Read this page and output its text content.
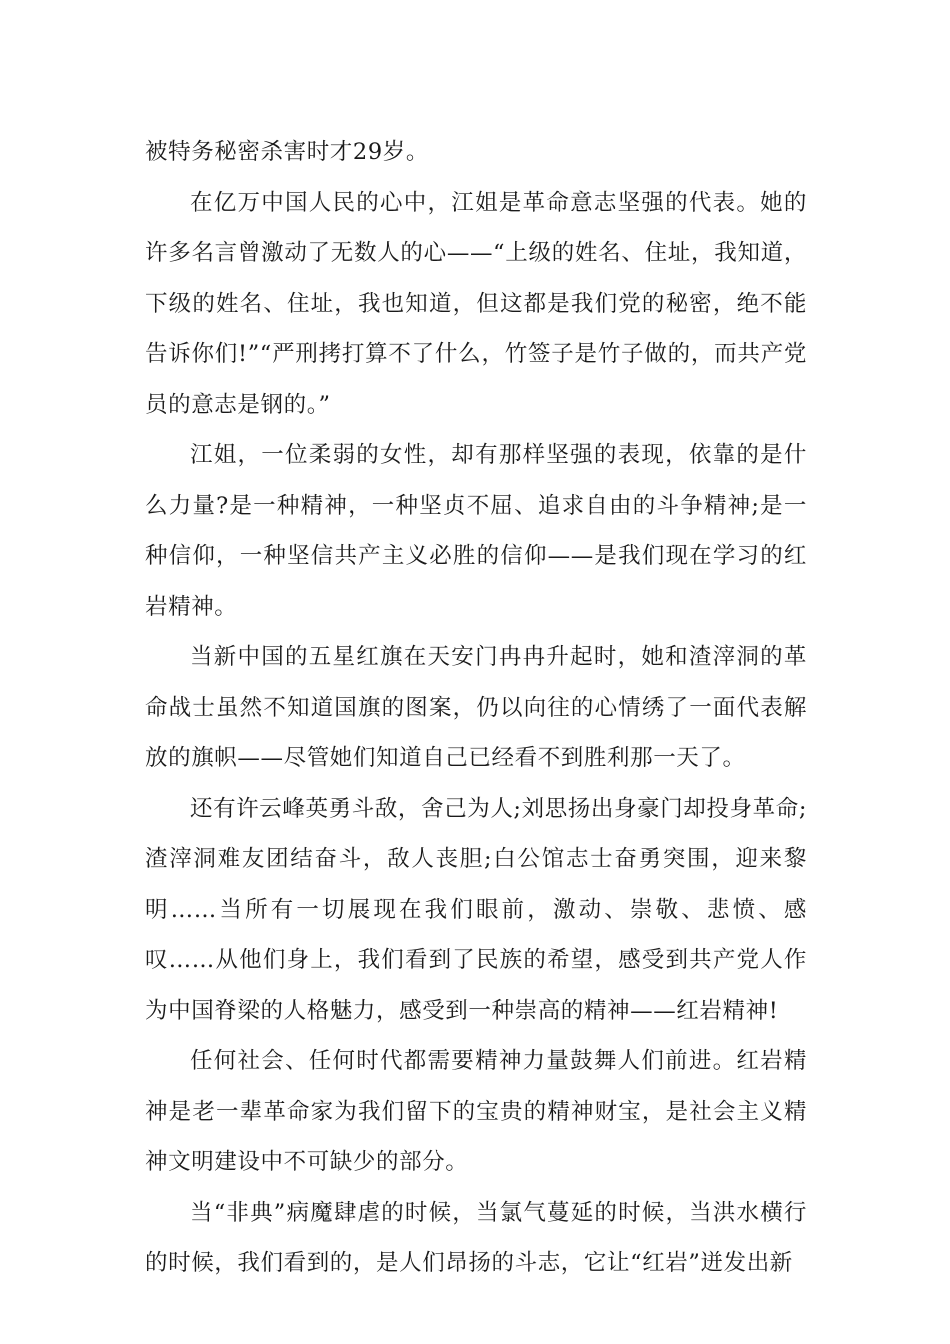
被特务秘密杀害时才29岁。

在亿万中国人民的心中，江姐是革命意志坚强的代表。她的许多名言曾激动了无数人的心——“上级的姓名、住址，我知道，下级的姓名、住址，我也知道，但这都是我们党的秘密，绝不能告诉你们!”“严刑拷打算不了什么，竹签子是竹子做的，而共产党员的意志是钢的。”

江姐，一位柔弱的女性，却有那样坚强的表现，依靠的是什么力量?是一种精神，一种坚贞不屈、追求自由的斗争精神;是一种信仰，一种坚信共产主义必胜的信仰——是我们现在学习的红岩精神。

当新中国的五星红旗在天安门冉冉升起时，她和渣滓洞的革命战士虽然不知道国旗的图案，仍以向往的心情绣了一面代表解放的旗帜——尽管她们知道自己已经看不到胜利那一天了。

还有许云峰英勇斗敌，舍己为人;刘思扬出身豪门却投身革命;渣滓洞难友团结奋斗，敌人丧胆;白公馆志士奋勇突围，迎来黎明……当所有一切展现在我们眼前，激动、崇敬、悲愤、感叹……从他们身上，我们看到了民族的希望，感受到共产党人作为中国脊梁的人格魅力，感受到一种崇高的精神——红岩精神!

任何社会、任何时代都需要精神力量鼓舞人们前进。红岩精神是老一辈革命家为我们留下的宝贵的精神财宝，是社会主义精神文明建设中不可缺少的部分。

当“非典”病魔肆虐的时候，当氯气蔓延的时候，当洪水横行的时候，我们看到的，是人们昂扬的斗志，它让“红岩”迸发出新
